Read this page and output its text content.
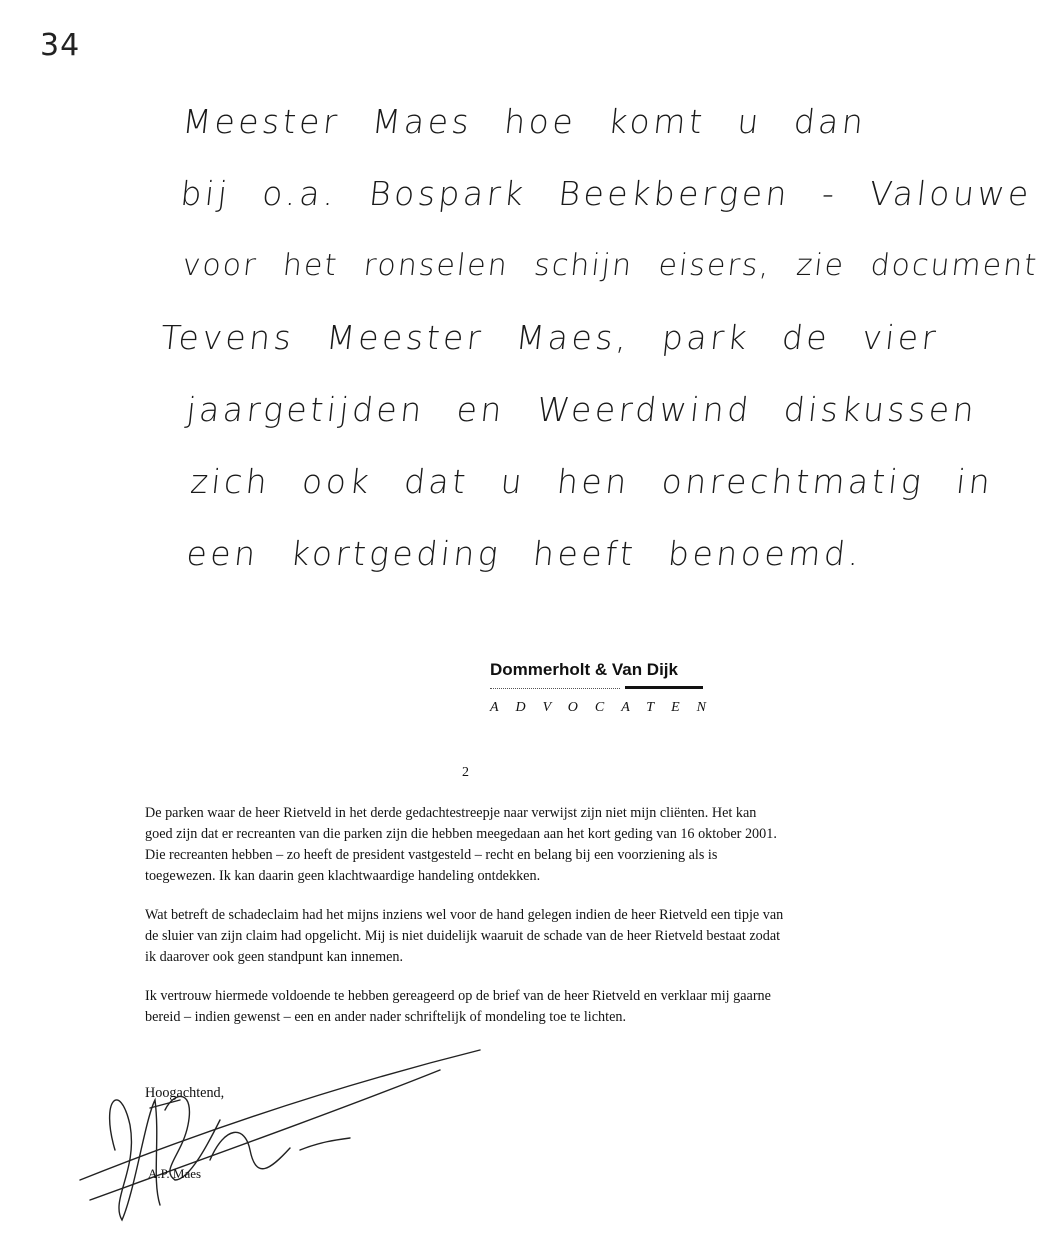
34
Meester Maes hoe komt u dan
bij o.a. Bospark Beekbergen - Valouwe
voor het ronselen schijn eisers, zie document
Tevens Meester Maes, park de vier
jaargetijden en Weerdwind diskussen
zich ook dat u hen onrechtmatig in
een kortgeding heeft benoemd.
Dommerholt & Van Dijk
ADVOCATEN
2

De parken waar de heer Rietveld in het derde gedachtestreepje naar verwijst zijn niet mijn cliënten. Het kan goed zijn dat er recreanten van die parken zijn die hebben meegedaan aan het kort geding van 16 oktober 2001. Die recreanten hebben – zo heeft de president vastgesteld – recht en belang bij een voorziening als is toegewezen. Ik kan daarin geen klachtwaardige handeling ontdekken.

Wat betreft de schadeclaim had het mijns inziens wel voor de hand gelegen indien de heer Rietveld een tipje van de sluier van zijn claim had opgelicht. Mij is niet duidelijk waaruit de schade van de heer Rietveld bestaat zodat ik daarover ook geen standpunt kan innemen.

Ik vertrouw hiermede voldoende te hebben gereageerd op de brief van de heer Rietveld en verklaar mij gaarne bereid – indien gewenst – een en ander nader schriftelijk of mondeling toe te lichten.

Hoogachtend,
A.P. Maes
